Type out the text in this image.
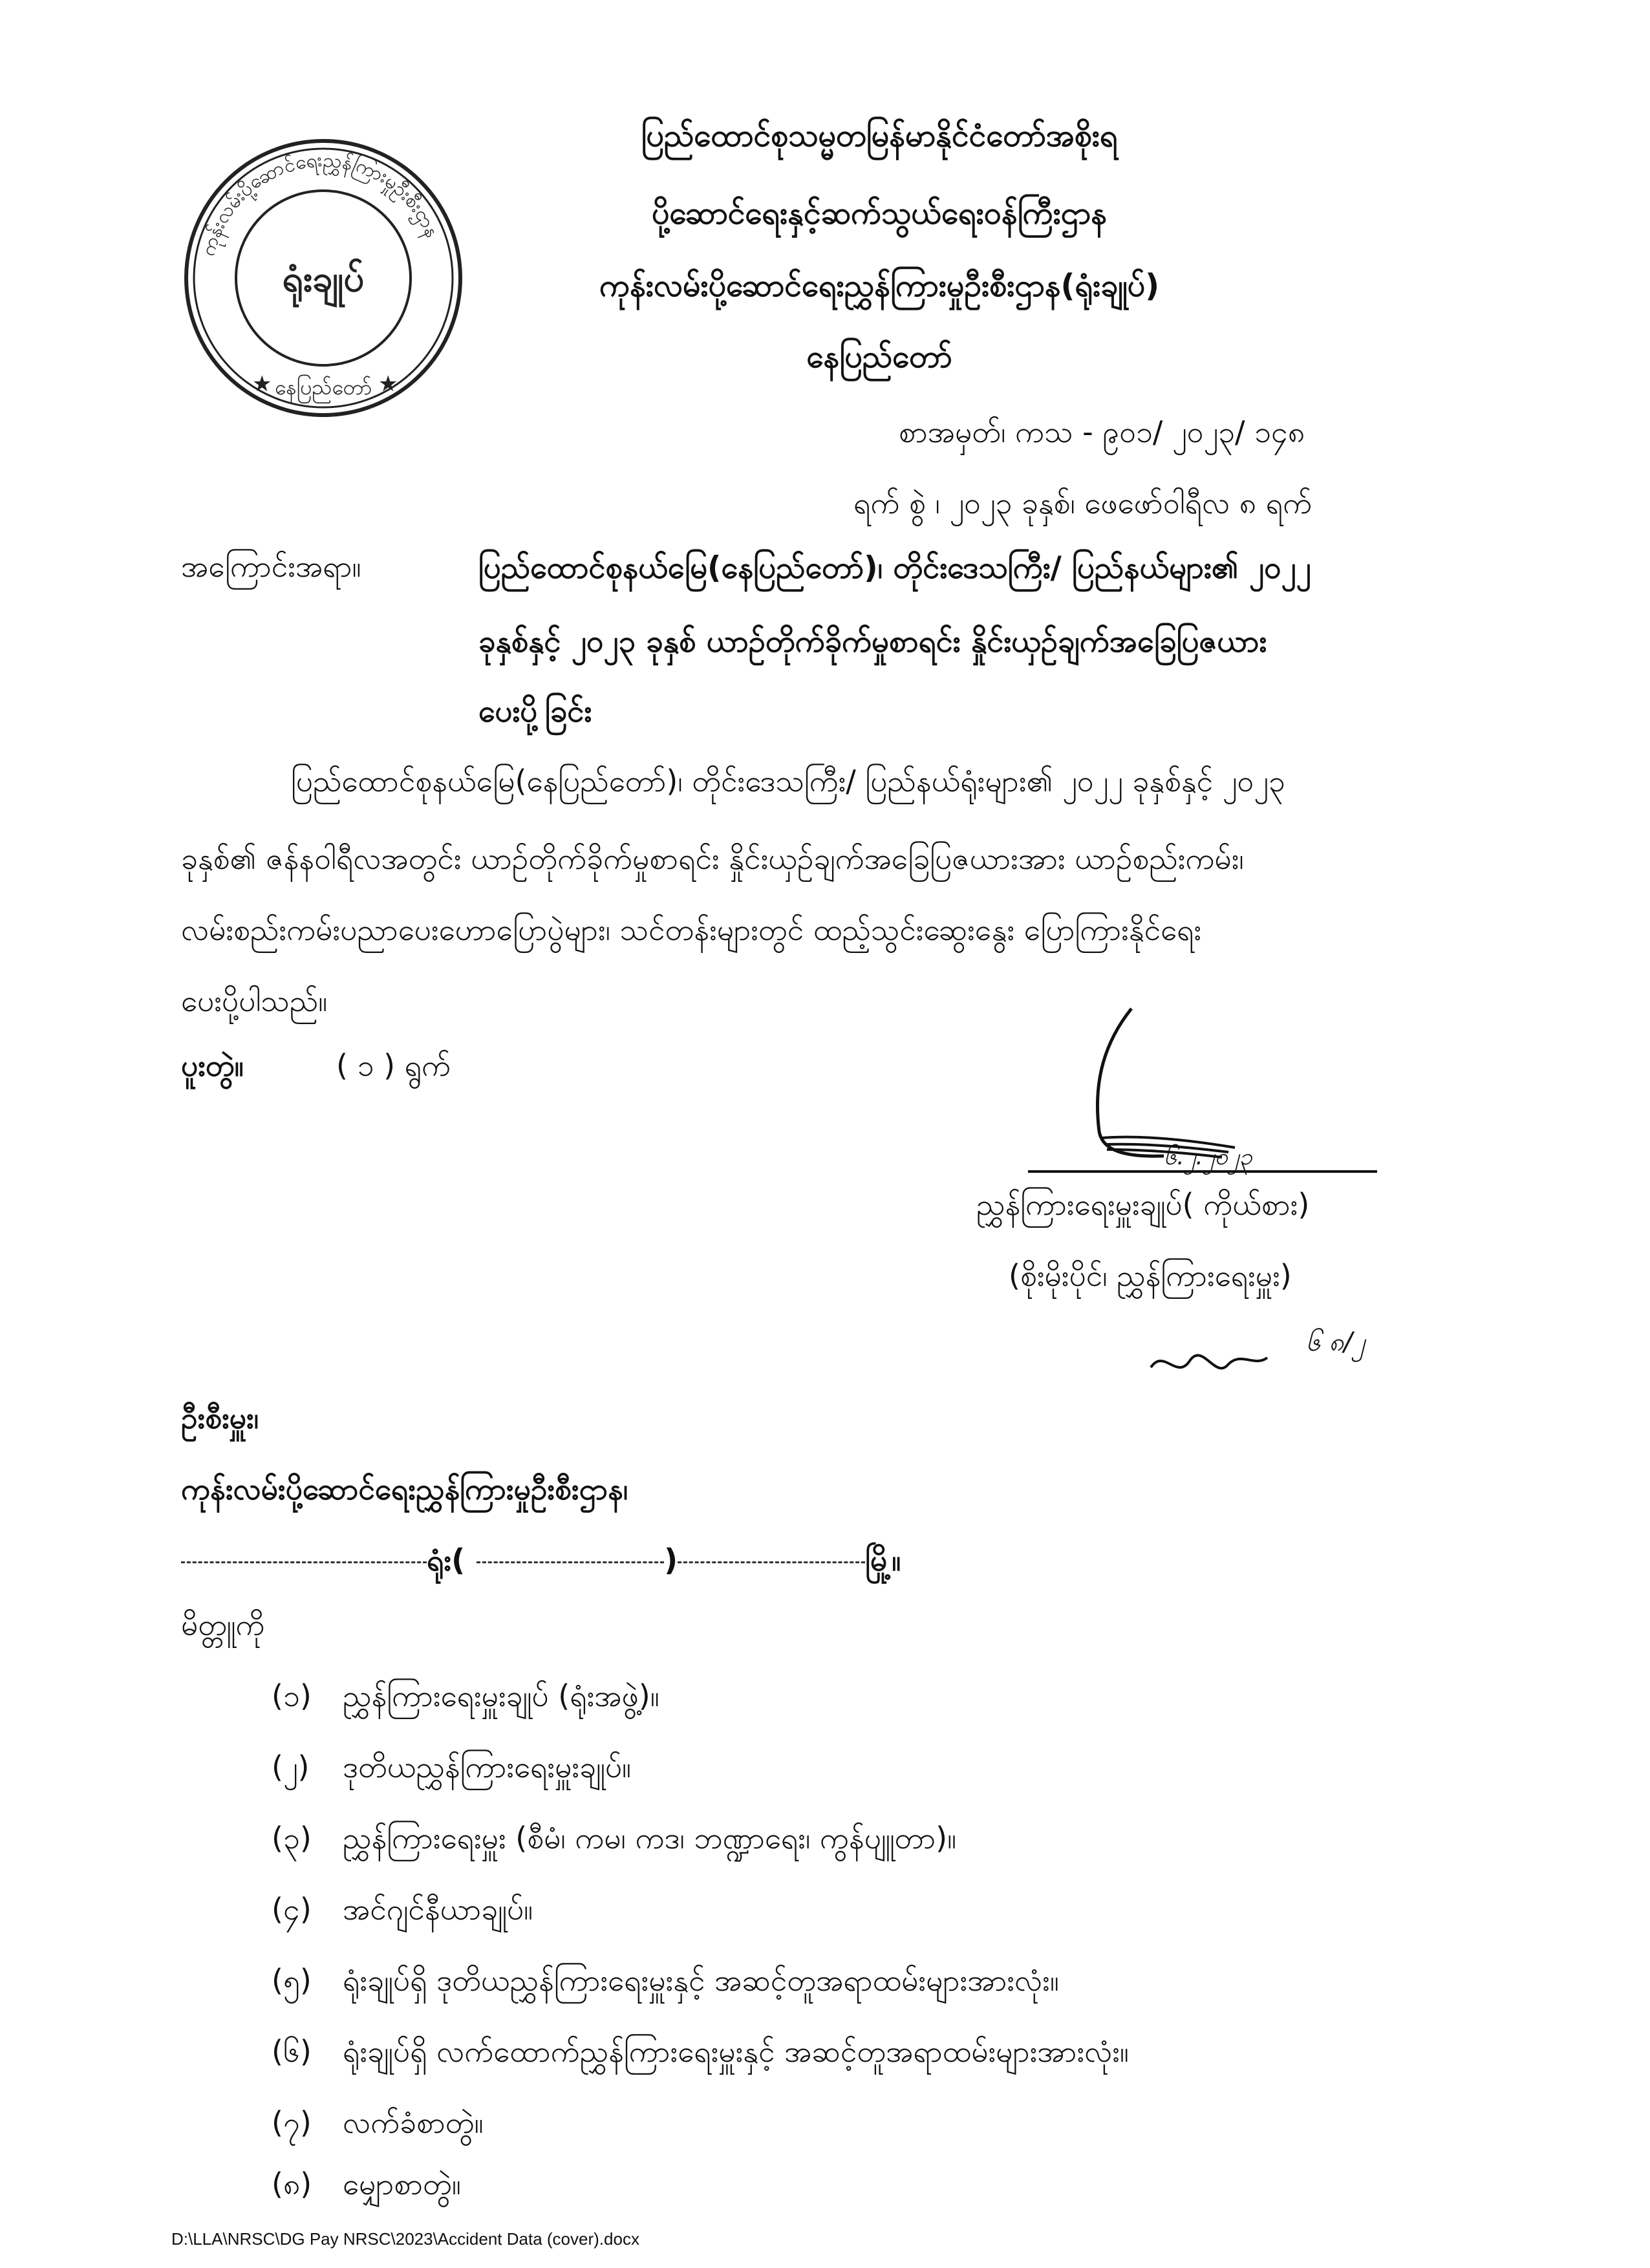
ပြည်ထောင်စုသမ္မတမြန်မာနိုင်ငံတော်အစိုးရ
ပို့ဆောင်ရေးနှင့်ဆက်သွယ်ရေးဝန်ကြီးဌာန
ကုန်းလမ်းပို့ဆောင်ရေးညွှန်ကြားမှုဦးစီးဌာန(ရုံးချုပ်)
နေပြည်တော်
ကုန်းလမ်းပို့ဆောင်ရေးညွှန်ကြားမှုဦးစီးဌာန
နေပြည်တော်
★	★
ရုံးချုပ်
စာအမှတ်၊ ကသ - ၉၀၁/ ၂၀၂၃/ ၁၄၈
ရက် စွဲ ၊ ၂၀၂၃ ခုနှစ်၊ ဖေဖော်ဝါရီလ ၈ ရက်
အကြောင်းအရာ။	ပြည်ထောင်စုနယ်မြေ(နေပြည်တော်)၊ တိုင်းဒေသကြီး/ ပြည်နယ်များ၏ ၂၀၂၂
ခုနှစ်နှင့် ၂၀၂၃ ခုနှစ် ယာဉ်တိုက်ခိုက်မှုစာရင်း နှိုင်းယှဉ်ချက်အခြေပြဇယား
ပေးပို့ခြင်း
ပြည်ထောင်စုနယ်မြေ(နေပြည်တော်)၊ တိုင်းဒေသကြီး/ ပြည်နယ်ရုံးများ၏ ၂၀၂၂ ခုနှစ်နှင့် ၂၀၂၃
ခုနှစ်၏ ဇန်နဝါရီလအတွင်း ယာဉ်တိုက်ခိုက်မှုစာရင်း နှိုင်းယှဉ်ချက်အခြေပြဇယားအား ယာဉ်စည်းကမ်း၊
လမ်းစည်းကမ်းပညာပေးဟောပြောပွဲများ၊ သင်တန်းများတွင် ထည့်သွင်းဆွေးနွေး ပြောကြားနိုင်ရေး
ပေးပို့ပါသည်။
ပူးတွဲ။	( ၁ ) ရွက်
၆.၂.၂၀၂၃
ညွှန်ကြားရေးမှူးချုပ်( ကိုယ်စား)
(စိုးမိုးပိုင်၊ ညွှန်ကြားရေးမှူး)
၆ ၈/၂
ဦးစီးမှူး၊
ကုန်းလမ်းပို့ဆောင်ရေးညွှန်ကြားမှုဦးစီးဌာန၊
ရုံး(	)	မြို့။
မိတ္တူကို
(၁) ညွှန်ကြားရေးမှူးချုပ် (ရုံးအဖွဲ့)။
(၂) ဒုတိယညွှန်ကြားရေးမှူးချုပ်။
(၃) ညွှန်ကြားရေးမှူး (စီမံ၊ ကမ၊ ကဒ၊ ဘဏ္ဍာရေး၊ ကွန်ပျူတာ)။
(၄) အင်ဂျင်နီယာချုပ်။
(၅) ရုံးချုပ်ရှိ ဒုတိယညွှန်ကြားရေးမှူးနှင့် အဆင့်တူအရာထမ်းများအားလုံး။
(၆) ရုံးချုပ်ရှိ လက်ထောက်ညွှန်ကြားရေးမှူးနှင့် အဆင့်တူအရာထမ်းများအားလုံး။
(၇) လက်ခံစာတွဲ။
(၈) မျှောစာတွဲ။
D:\LLA\NRSC\DG Pay NRSC\2023\Accident Data (cover).docx
